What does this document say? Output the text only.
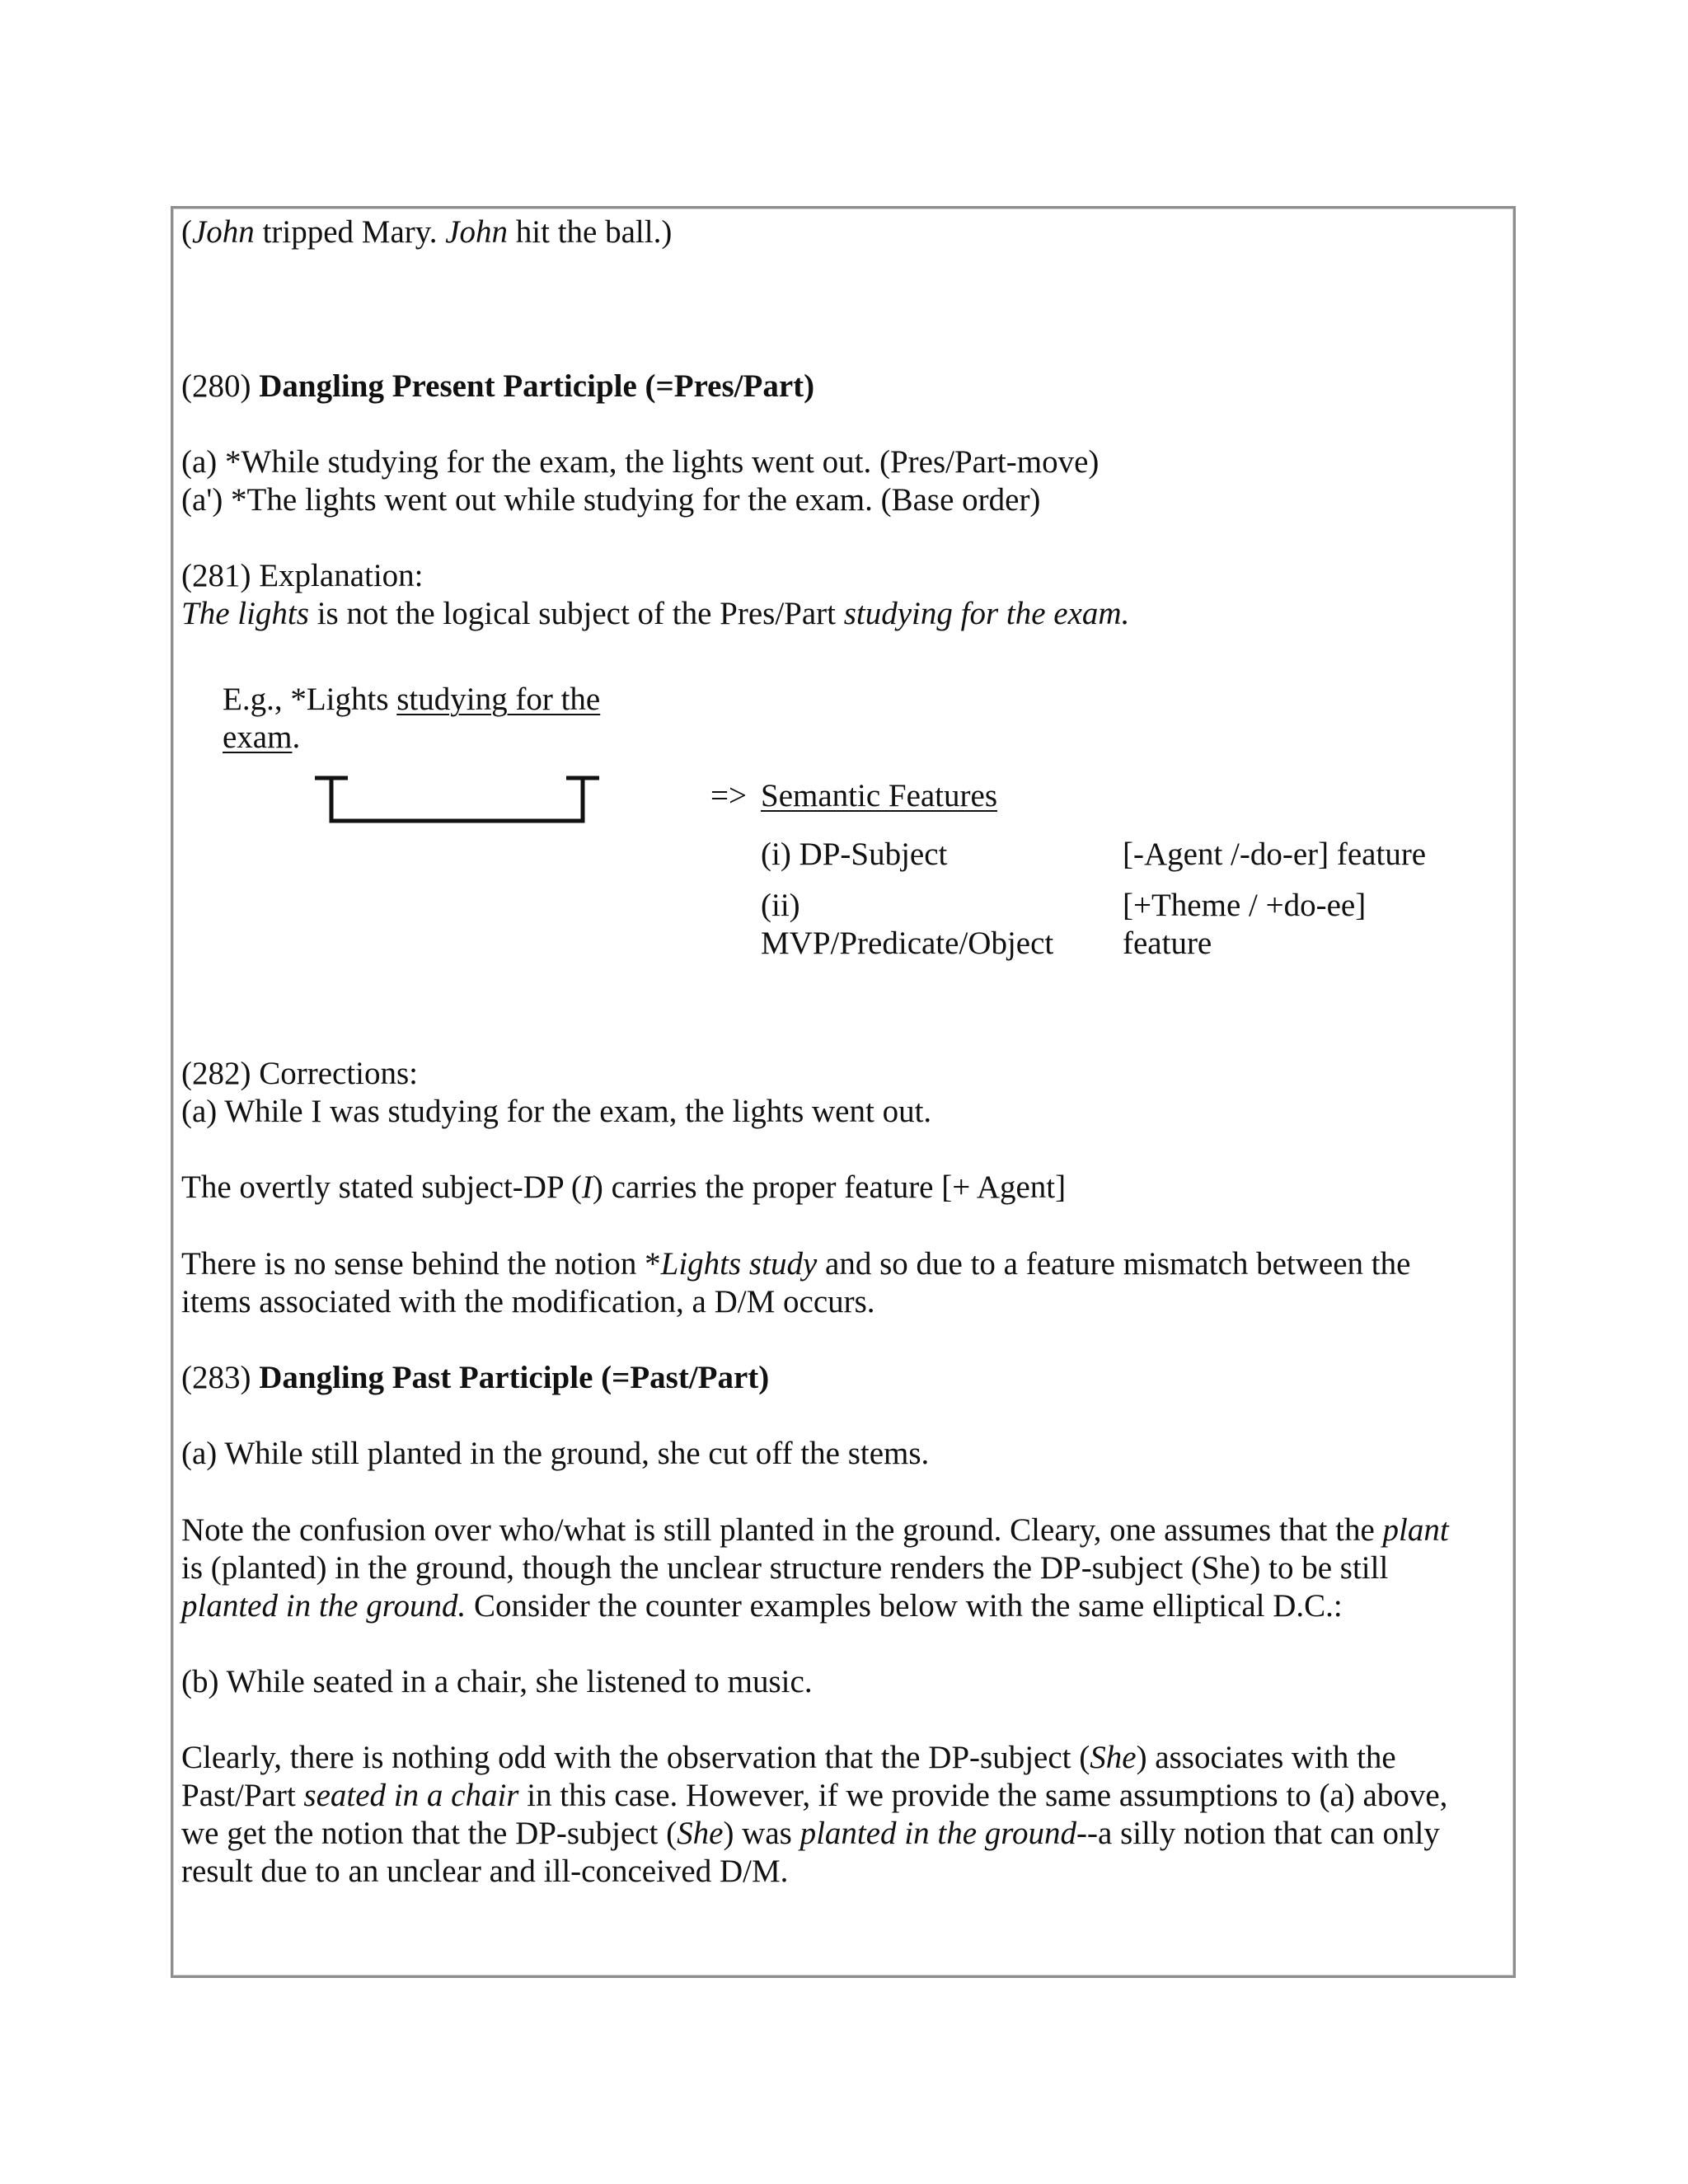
(John tripped Mary. John hit the ball.)
(280) Dangling Present Participle (=Pres/Part)
(a) *While studying for the exam, the lights went out. (Pres/Part-move)
(a') *The lights went out while studying for the exam. (Base order)
(281) Explanation:
The lights is not the logical subject of the Pres/Part studying for the exam.
E.g., *Lights studying for the
exam.
=> Semantic Features
(i) DP-Subject	[-Agent /-do-er] feature
(ii)
MVP/Predicate/Object
[+Theme / +do-ee]
feature
(282) Corrections:
(a) While I was studying for the exam, the lights went out.
The overtly stated subject-DP (I) carries the proper feature [+ Agent]
There is no sense behind the notion *Lights study and so due to a feature mismatch between the
items associated with the modification, a D/M occurs.
(283) Dangling Past Participle (=Past/Part)
(a) While still planted in the ground, she cut off the stems.
Note the confusion over who/what is still planted in the ground. Cleary, one assumes that the plant
is (planted) in the ground, though the unclear structure renders the DP-subject (She) to be still
planted in the ground. Consider the counter examples below with the same elliptical D.C.:
(b) While seated in a chair, she listened to music.
Clearly, there is nothing odd with the observation that the DP-subject (She) associates with the
Past/Part seated in a chair in this case. However, if we provide the same assumptions to (a) above,
we get the notion that the DP-subject (She) was planted in the ground--a silly notion that can only
result due to an unclear and ill-conceived D/M.
